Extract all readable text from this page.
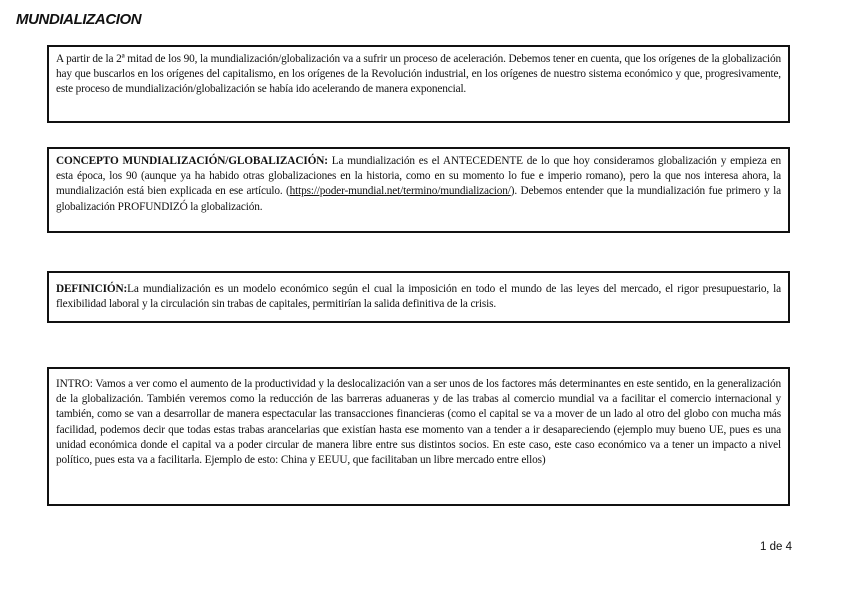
MUNDIALIZACION
A partir de la 2ª mitad de los 90, la mundialización/globalización va a sufrir un proceso de aceleración. Debemos tener en cuenta, que los orígenes de la globalización hay que buscarlos en los orígenes del capitalismo, en los orígenes de la Revolución industrial, en los orígenes de nuestro sistema económico y que, progresivamente, este proceso de mundialización/globalización se había ido acelerando de manera exponencial.
CONCEPTO MUNDIALIZACIÓN/GLOBALIZACIÓN: La mundialización es el ANTECEDENTE de lo que hoy consideramos globalización y empieza en esta época, los 90 (aunque ya ha habido otras globalizaciones en la historia, como en su momento lo fue e imperio romano), pero la que nos interesa ahora, la mundialización está bien explicada en ese artículo. (https://poder-mundial.net/termino/mundializacion/). Debemos entender que la mundialización fue primero y la globalización PROFUNDIZÓ la globalización.
DEFINICIÓN:La mundialización es un modelo económico según el cual la imposición en todo el mundo de las leyes del mercado, el rigor presupuestario, la flexibilidad laboral y la circulación sin trabas de capitales, permitirían la salida definitiva de la crisis.
INTRO: Vamos a ver como el aumento de la productividad y la deslocalización van a ser unos de los factores más determinantes en este sentido, en la generalización de la globalización. También veremos como la reducción de las barreras aduaneras y de las trabas al comercio mundial va a facilitar el comercio internacional y también, como se van a desarrollar de manera espectacular las transacciones financieras (como el capital se va a mover de un lado al otro del globo con mucha más facilidad, podemos decir que todas estas trabas arancelarias que existían hasta ese momento van a tender a ir desapareciendo (ejemplo muy bueno UE, pues es una unidad económica donde el capital va a poder circular de manera libre entre sus distintos socios. En este caso, este caso económico va a tener un impacto a nivel político, pues esta va a facilitarla. Ejemplo de esto: China y EEUU, que facilitaban un libre mercado entre ellos)
1 de 4
